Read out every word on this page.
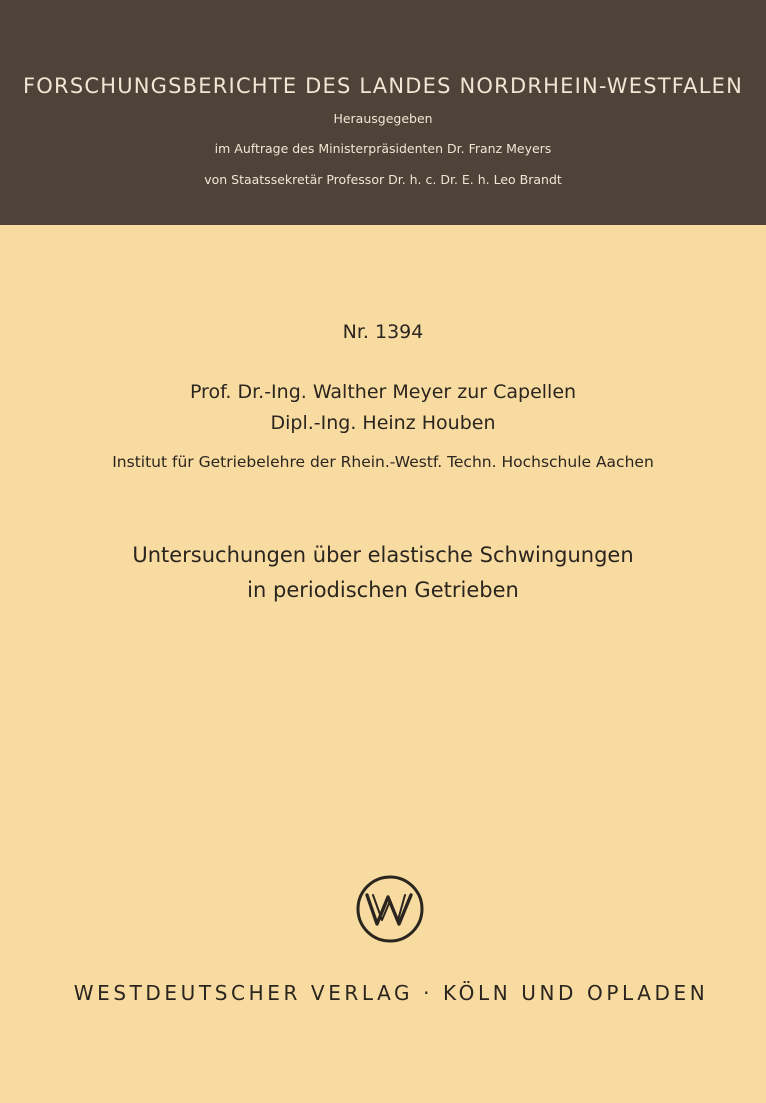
FORSCHUNGSBERICHTE DES LANDES NORDRHEIN-WESTFALEN
Herausgegeben
im Auftrage des Ministerpräsidenten Dr. Franz Meyers
von Staatssekretär Professor Dr. h. c. Dr. E. h. Leo Brandt
Nr. 1394
Prof. Dr.-Ing. Walther Meyer zur Capellen
Dipl.-Ing. Heinz Houben
Institut für Getriebelehre der Rhein.-Westf. Techn. Hochschule Aachen
Untersuchungen über elastische Schwingungen
in periodischen Getrieben
WESTDEUTSCHER VERLAG · KÖLN UND OPLADEN
